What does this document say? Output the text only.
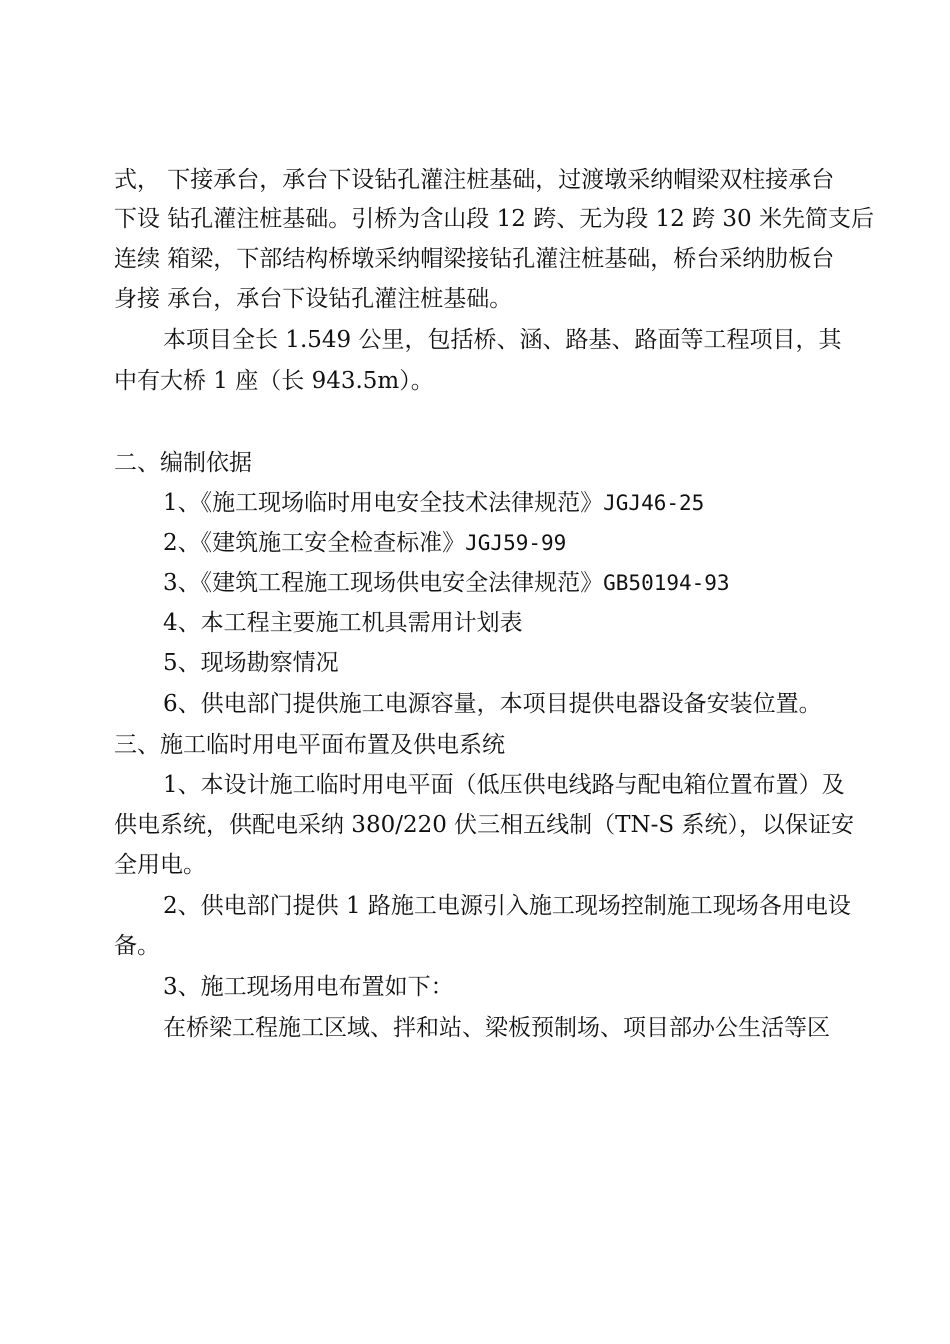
式， 下接承台，承台下设钻孔灌注桩基础，过渡墩采纳帽梁双柱接承台
下设 钻孔灌注桩基础。引桥为含山段 12 跨、无为段 12 跨 30 米先简支后
连续 箱梁，下部结构桥墩采纳帽梁接钻孔灌注桩基础，桥台采纳肋板台
身接 承台，承台下设钻孔灌注桩基础。
本项目全长 1.549 公里，包括桥、涵、路基、路面等工程项目，其
中有大桥 1 座（长 943.5m）。
二、编制依据
1、《施工现场临时用电安全技术法律规范》JGJ46-25
2、《建筑施工安全检查标准》JGJ59-99
3、《建筑工程施工现场供电安全法律规范》GB50194-93
4、本工程主要施工机具需用计划表
5、现场勘察情况
6、供电部门提供施工电源容量，本项目提供电器设备安装位置。
三、施工临时用电平面布置及供电系统
1、本设计施工临时用电平面（低压供电线路与配电箱位置布置）及
供电系统，供配电采纳 380/220 伏三相五线制（TN-S 系统），以保证安
全用电。
2、供电部门提供 1 路施工电源引入施工现场控制施工现场各用电设
备。
3、施工现场用电布置如下：
在桥梁工程施工区域、拌和站、梁板预制场、项目部办公生活等区
